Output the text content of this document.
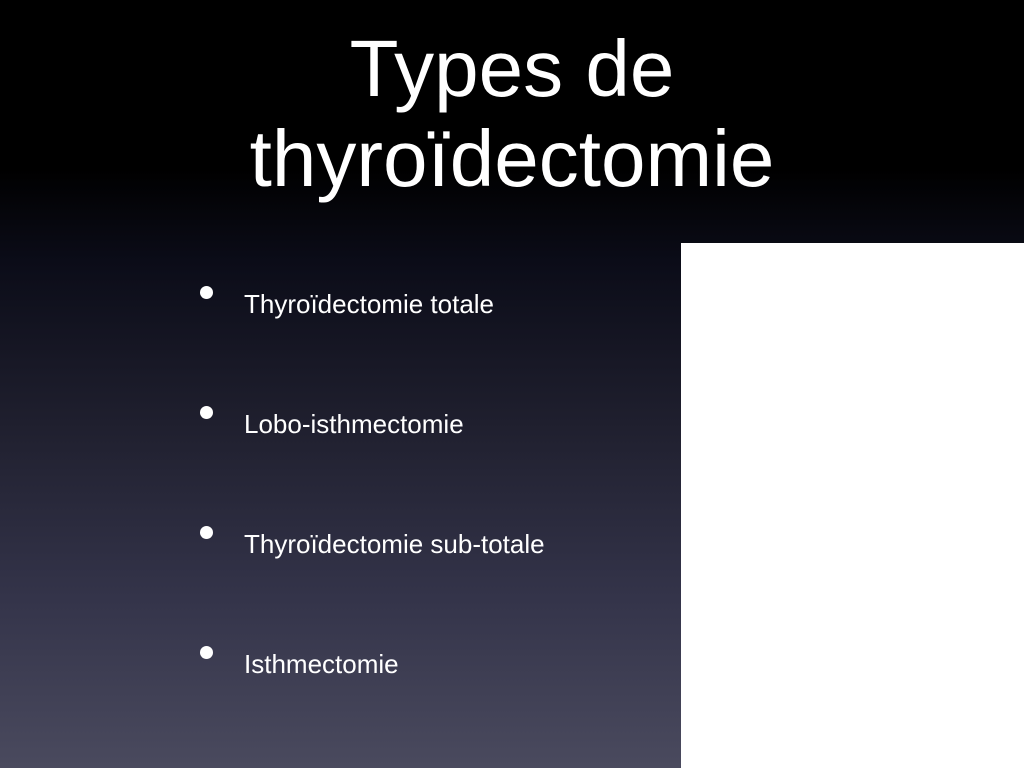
Types de
thyroïdectomie
Thyroïdectomie totale
Lobo-isthmectomie
Thyroïdectomie sub-totale
Isthmectomie
